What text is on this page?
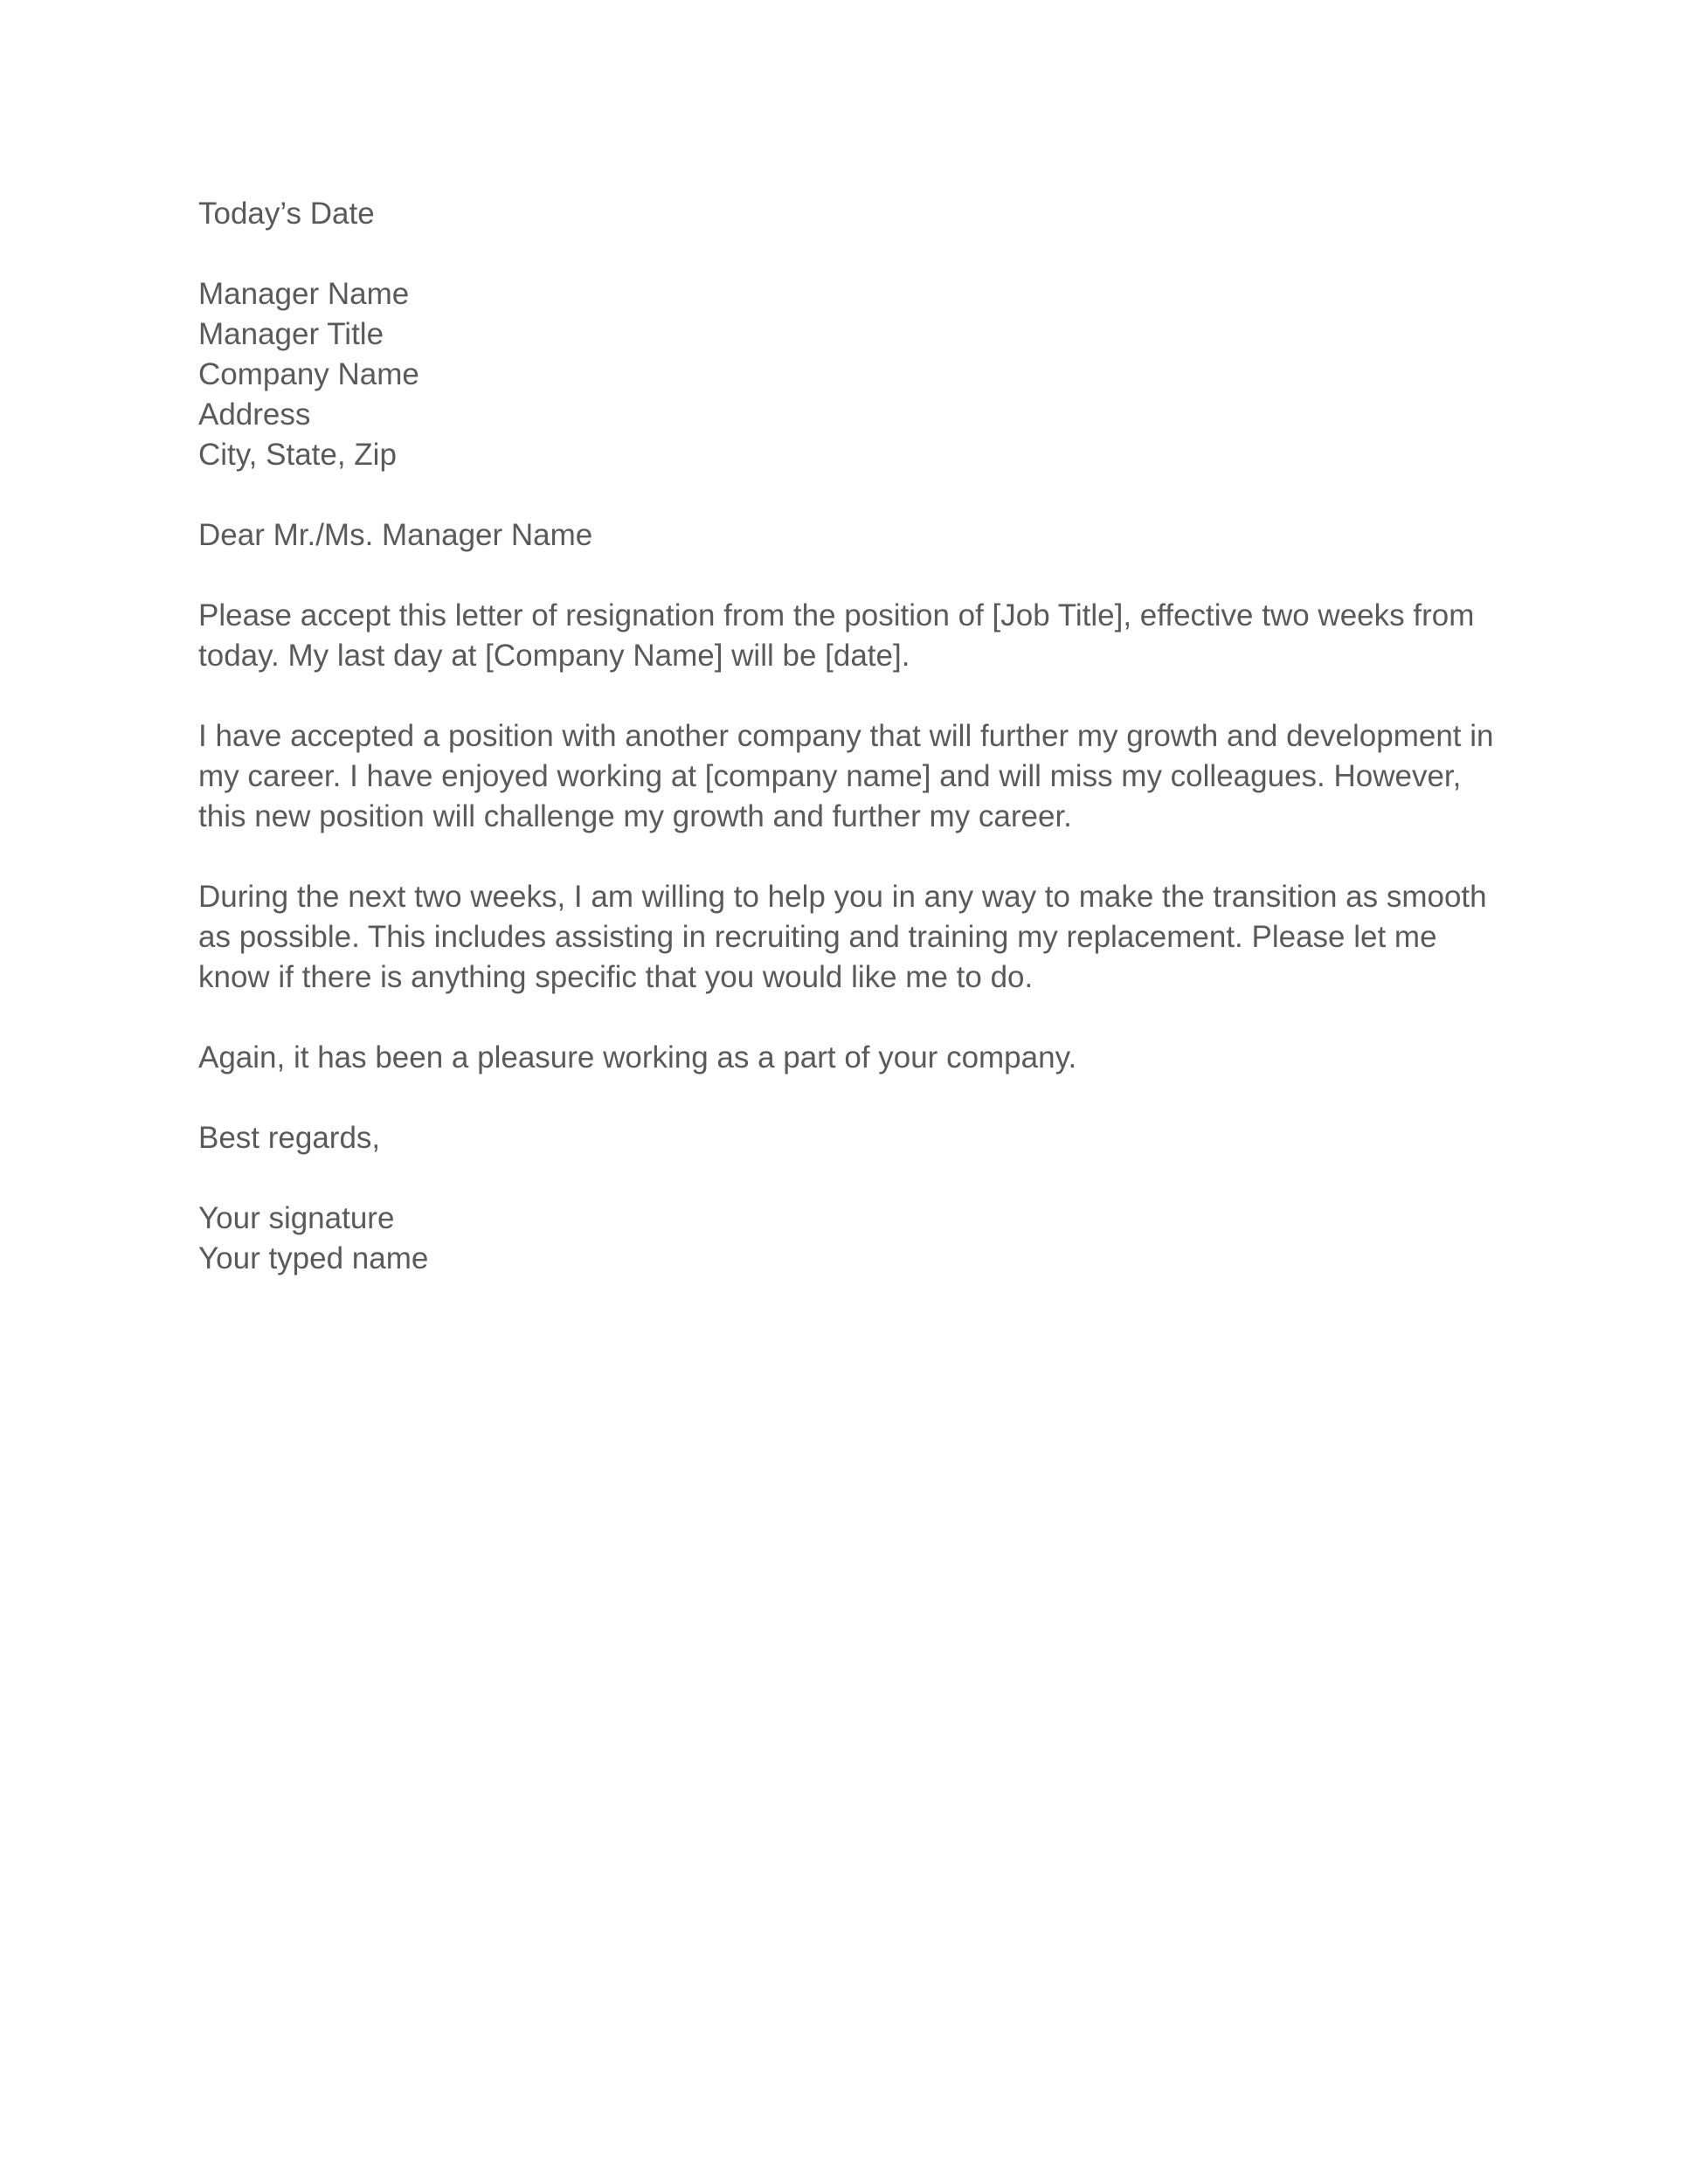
Today’s Date
Manager Name
Manager Title
Company Name
Address
City, State, Zip
Dear Mr./Ms. Manager Name
Please accept this letter of resignation from the position of [Job Title], effective two weeks from
today. My last day at [Company Name] will be [date].
I have accepted a position with another company that will further my growth and development in
my career. I have enjoyed working at [company name] and will miss my colleagues. However,
this new position will challenge my growth and further my career.
During the next two weeks, I am willing to help you in any way to make the transition as smooth
as possible. This includes assisting in recruiting and training my replacement. Please let me
know if there is anything specific that you would like me to do.
Again, it has been a pleasure working as a part of your company.
Best regards,
Your signature
Your typed name
